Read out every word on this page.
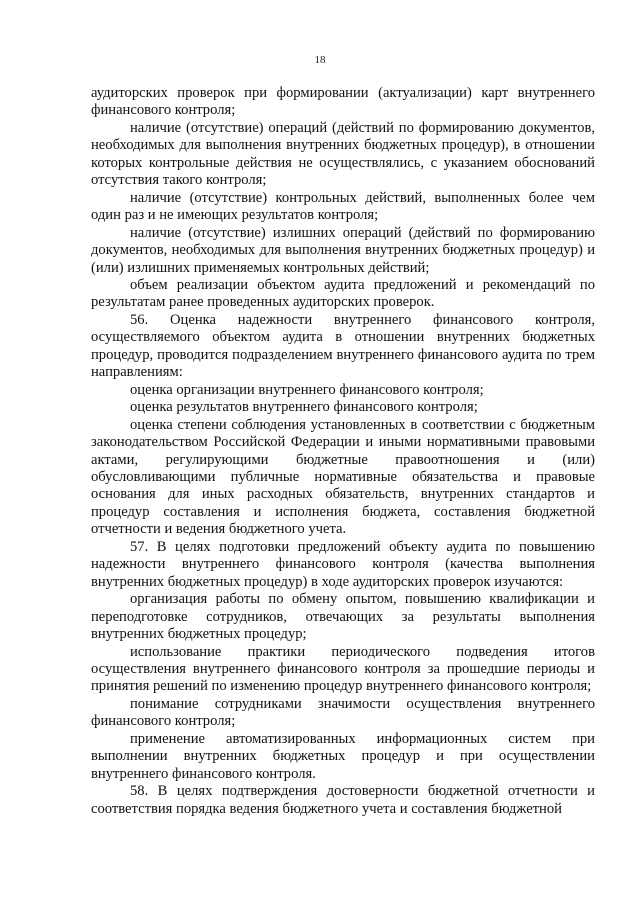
18

аудиторских проверок при формировании (актуализации) карт внутреннего финансового контроля;

наличие (отсутствие) операций (действий по формированию документов, необходимых для выполнения внутренних бюджетных процедур), в отношении которых контрольные действия не осуществлялись, с указанием обоснований отсутствия такого контроля;

наличие (отсутствие) контрольных действий, выполненных более чем один раз и не имеющих результатов контроля;

наличие (отсутствие) излишних операций (действий по формированию документов, необходимых для выполнения внутренних бюджетных процедур) и (или) излишних применяемых контрольных действий;

объем реализации объектом аудита предложений и рекомендаций по результатам ранее проведенных аудиторских проверок.

56. Оценка надежности внутреннего финансового контроля, осуществляемого объектом аудита в отношении внутренних бюджетных процедур, проводится подразделением внутреннего финансового аудита по трем направлениям:

оценка организации внутреннего финансового контроля;

оценка результатов внутреннего финансового контроля;

оценка степени соблюдения установленных в соответствии с бюджетным законодательством Российской Федерации и иными нормативными правовыми актами, регулирующими бюджетные правоотношения и (или) обусловливающими публичные нормативные обязательства и правовые основания для иных расходных обязательств, внутренних стандартов и процедур составления и исполнения бюджета, составления бюджетной отчетности и ведения бюджетного учета.

57. В целях подготовки предложений объекту аудита по повышению надежности внутреннего финансового контроля (качества выполнения внутренних бюджетных процедур) в ходе аудиторских проверок изучаются:

организация работы по обмену опытом, повышению квалификации и переподготовке сотрудников, отвечающих за результаты выполнения внутренних бюджетных процедур;

использование практики периодического подведения итогов осуществления внутреннего финансового контроля за прошедшие периоды и принятия решений по изменению процедур внутреннего финансового контроля;

понимание сотрудниками значимости осуществления внутреннего финансового контроля;

применение автоматизированных информационных систем при выполнении внутренних бюджетных процедур и при осуществлении внутреннего финансового контроля.

58. В целях подтверждения достоверности бюджетной отчетности и соответствия порядка ведения бюджетного учета и составления бюджетной
